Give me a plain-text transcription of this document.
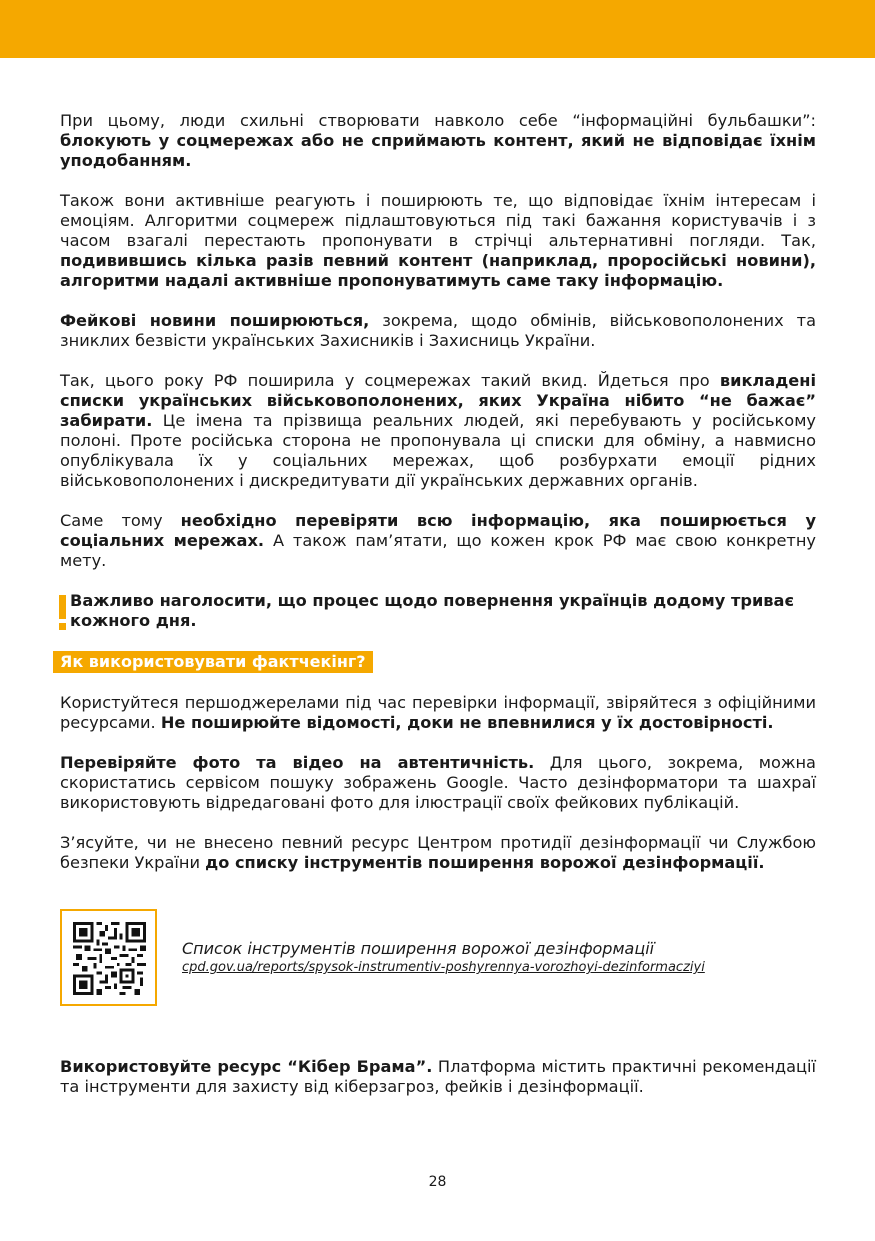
При цьому, люди схильні створювати навколо себе “інформаційні бульбашки”: блокують у соцмережах або не сприймають контент, який не відповідає їхнім уподобанням.

Також вони активніше реагують і поширюють те, що відповідає їхнім інтересам і емоціям. Алгоритми соцмереж підлаштовуються під такі бажання користувачів і з часом взагалі перестають пропонувати в стрічці альтернативні погляди. Так, подивившись кілька разів певний контент (наприклад, проросійські новини), алгоритми надалі активніше пропонуватимуть саме таку інформацію.

Фейкові новини поширюються, зокрема, щодо обмінів, військовополонених та зниклих безвісти українських Захисників і Захисниць України.

Так, цього року РФ поширила у соцмережах такий вкид. Йдеться про викладені списки українських військовополонених, яких Україна нібито “не бажає” забирати. Це імена та прізвища реальних людей, які перебувають у російському полоні. Проте російська сторона не пропонувала ці списки для обміну, а навмисно опублікувала їх у соціальних мережах, щоб розбурхати емоції рідних військовополонених і дискредитувати дії українських державних органів.

Саме тому необхідно перевіряти всю інформацію, яка поширюється у соціальних мережах. А також пам’ятати, що кожен крок РФ має свою конкретну мету.

Важливо наголосити, що процес щодо повернення українців додому триває кожного дня.

Як використовувати фактчекінг?

Користуйтеся першоджерелами під час перевірки інформації, звіряйтеся з офіційними ресурсами. Не поширюйте відомості, доки не впевнилися у їх достовірності.

Перевіряйте фото та відео на автентичність. Для цього, зокрема, можна скористатись сервісом пошуку зображень Google. Часто дезінформатори та шахраї використовують відредаговані фото для ілюстрації своїх фейкових публікацій.

З’ясуйте, чи не внесено певний ресурс Центром протидії дезінформації чи Службою безпеки України до списку інструментів поширення ворожої дезінформації.

Список інструментів поширення ворожої дезінформації
cpd.gov.ua/reports/spysok-instrumentiv-poshyrennya-vorozhoyi-dezinformacziyi

Використовуйте ресурс “Кібер Брама”. Платформа містить практичні рекомендації та інструменти для захисту від кіберзагроз, фейків і дезінформації.

28
